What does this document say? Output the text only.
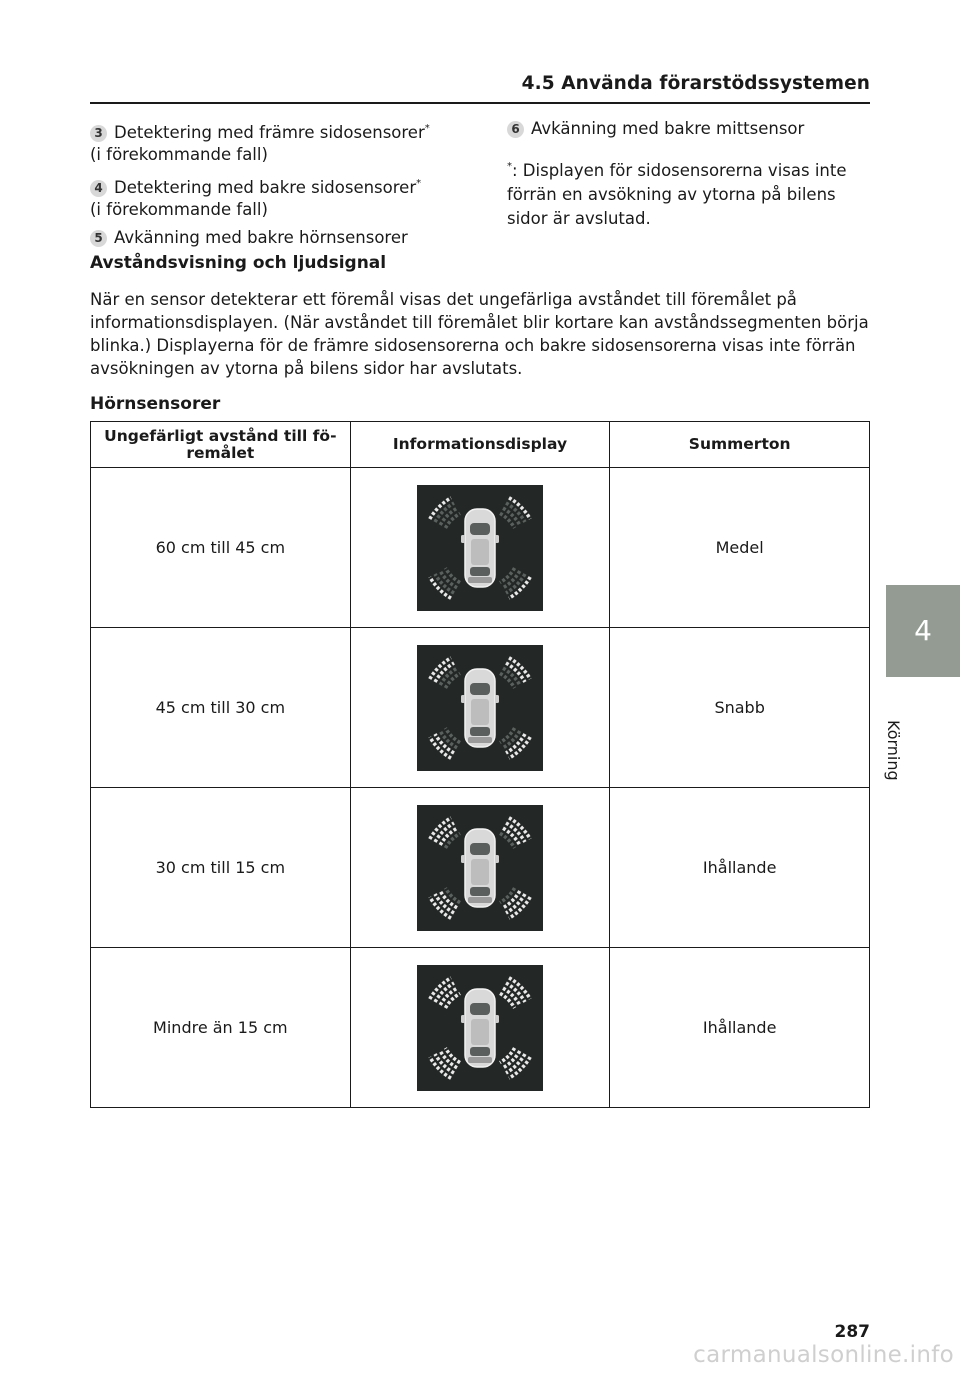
4.5 Använda förarstödssystemen
3 Detektering med främre sidosensorer*
(i förekommande fall)
4 Detektering med bakre sidosensorer*
(i förekommande fall)
5 Avkänning med bakre hörnsensorer
6 Avkänning med bakre mittsensor
*: Displayen för sidosensorerna visas inte förrän en avsökning av ytorna på bilens sidor är avslutad.
Avståndsvisning och ljudsignal
När en sensor detekterar ett föremål visas det ungefärliga avståndet till föremålet på informationsdisplayen. (När avståndet till föremålet blir kortare kan avståndssegmenten börja blinka.) Displayerna för de främre sidosensorerna och bakre sidosensorerna visas inte förrän avsökningen av ytorna på bilens sidor har avslutats.
Hörnsensorer
Ungefärligt avstånd till fö-remålet	Informationsdisplay	Summerton
60 cm till 45 cm		Medel
45 cm till 30 cm		Snabb
30 cm till 15 cm		Ihållande
Mindre än 15 cm		Ihållande
4
Körning
287
carmanualsonline.info
